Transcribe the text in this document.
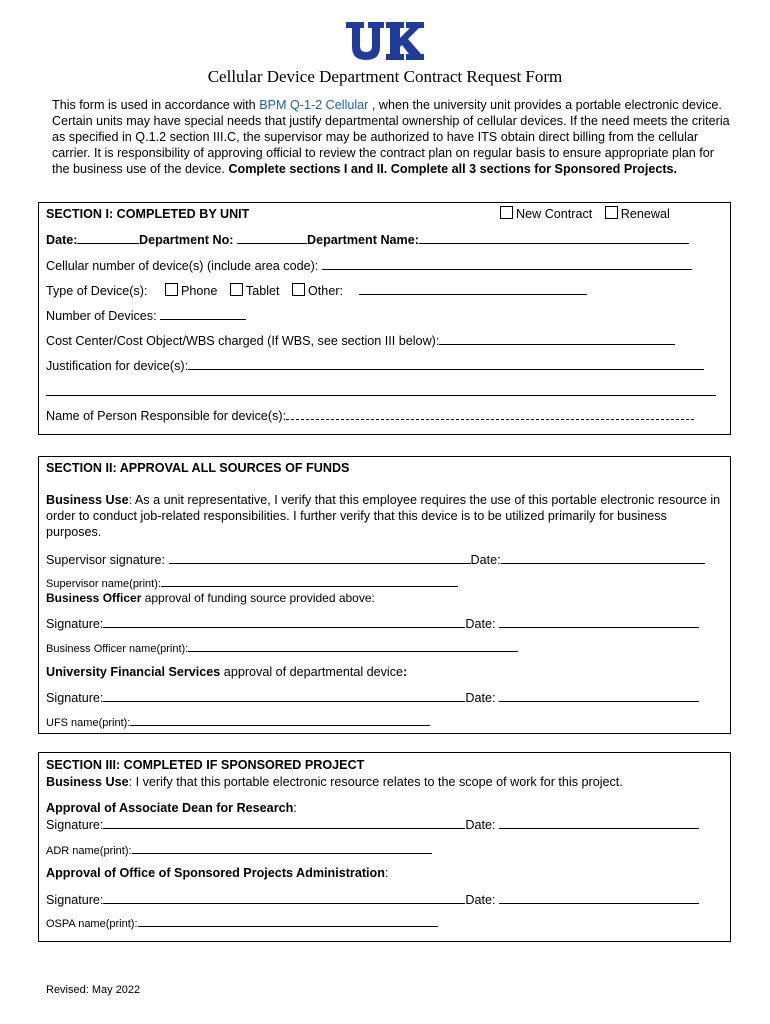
Cellular Device Department Contract Request Form
This form is used in accordance with BPM Q-1-2 Cellular , when the university unit provides a portable electronic device. Certain units may have special needs that justify departmental ownership of cellular devices. If the need meets the criteria as specified in Q.1.2 section III.C, the supervisor may be authorized to have ITS obtain direct billing from the cellular carrier. It is responsibility of approving official to review the contract plan on regular basis to ensure appropriate plan for the business use of the device. Complete sections I and II. Complete all 3 sections for Sponsored Projects.
SECTION I: COMPLETED BY UNIT	New Contract Renewal
Date:	Department No:	Department Name:
Cellular number of device(s) (include area code):
Type of Device(s):	Phone Tablet Other:
Number of Devices:
Cost Center/Cost Object/WBS charged (If WBS, see section III below):
Justification for device(s):
Name of Person Responsible for device(s):
SECTION II: APPROVAL ALL SOURCES OF FUNDS
Business Use: As a unit representative, I verify that this employee requires the use of this portable electronic resource in order to conduct job-related responsibilities. I further verify that this device is to be utilized primarily for business purposes.
Supervisor signature:	Date:
Supervisor name(print):
Business Officer approval of funding source provided above:
Signature:	Date:
Business Officer name(print):
University Financial Services approval of departmental device:
Signature:	Date:
UFS name(print):
SECTION III: COMPLETED IF SPONSORED PROJECT
Business Use: I verify that this portable electronic resource relates to the scope of work for this project.
Approval of Associate Dean for Research:
Signature:	Date:
ADR name(print):
Approval of Office of Sponsored Projects Administration:
Signature:	Date:
OSPA name(print):
Revised: May 2022
